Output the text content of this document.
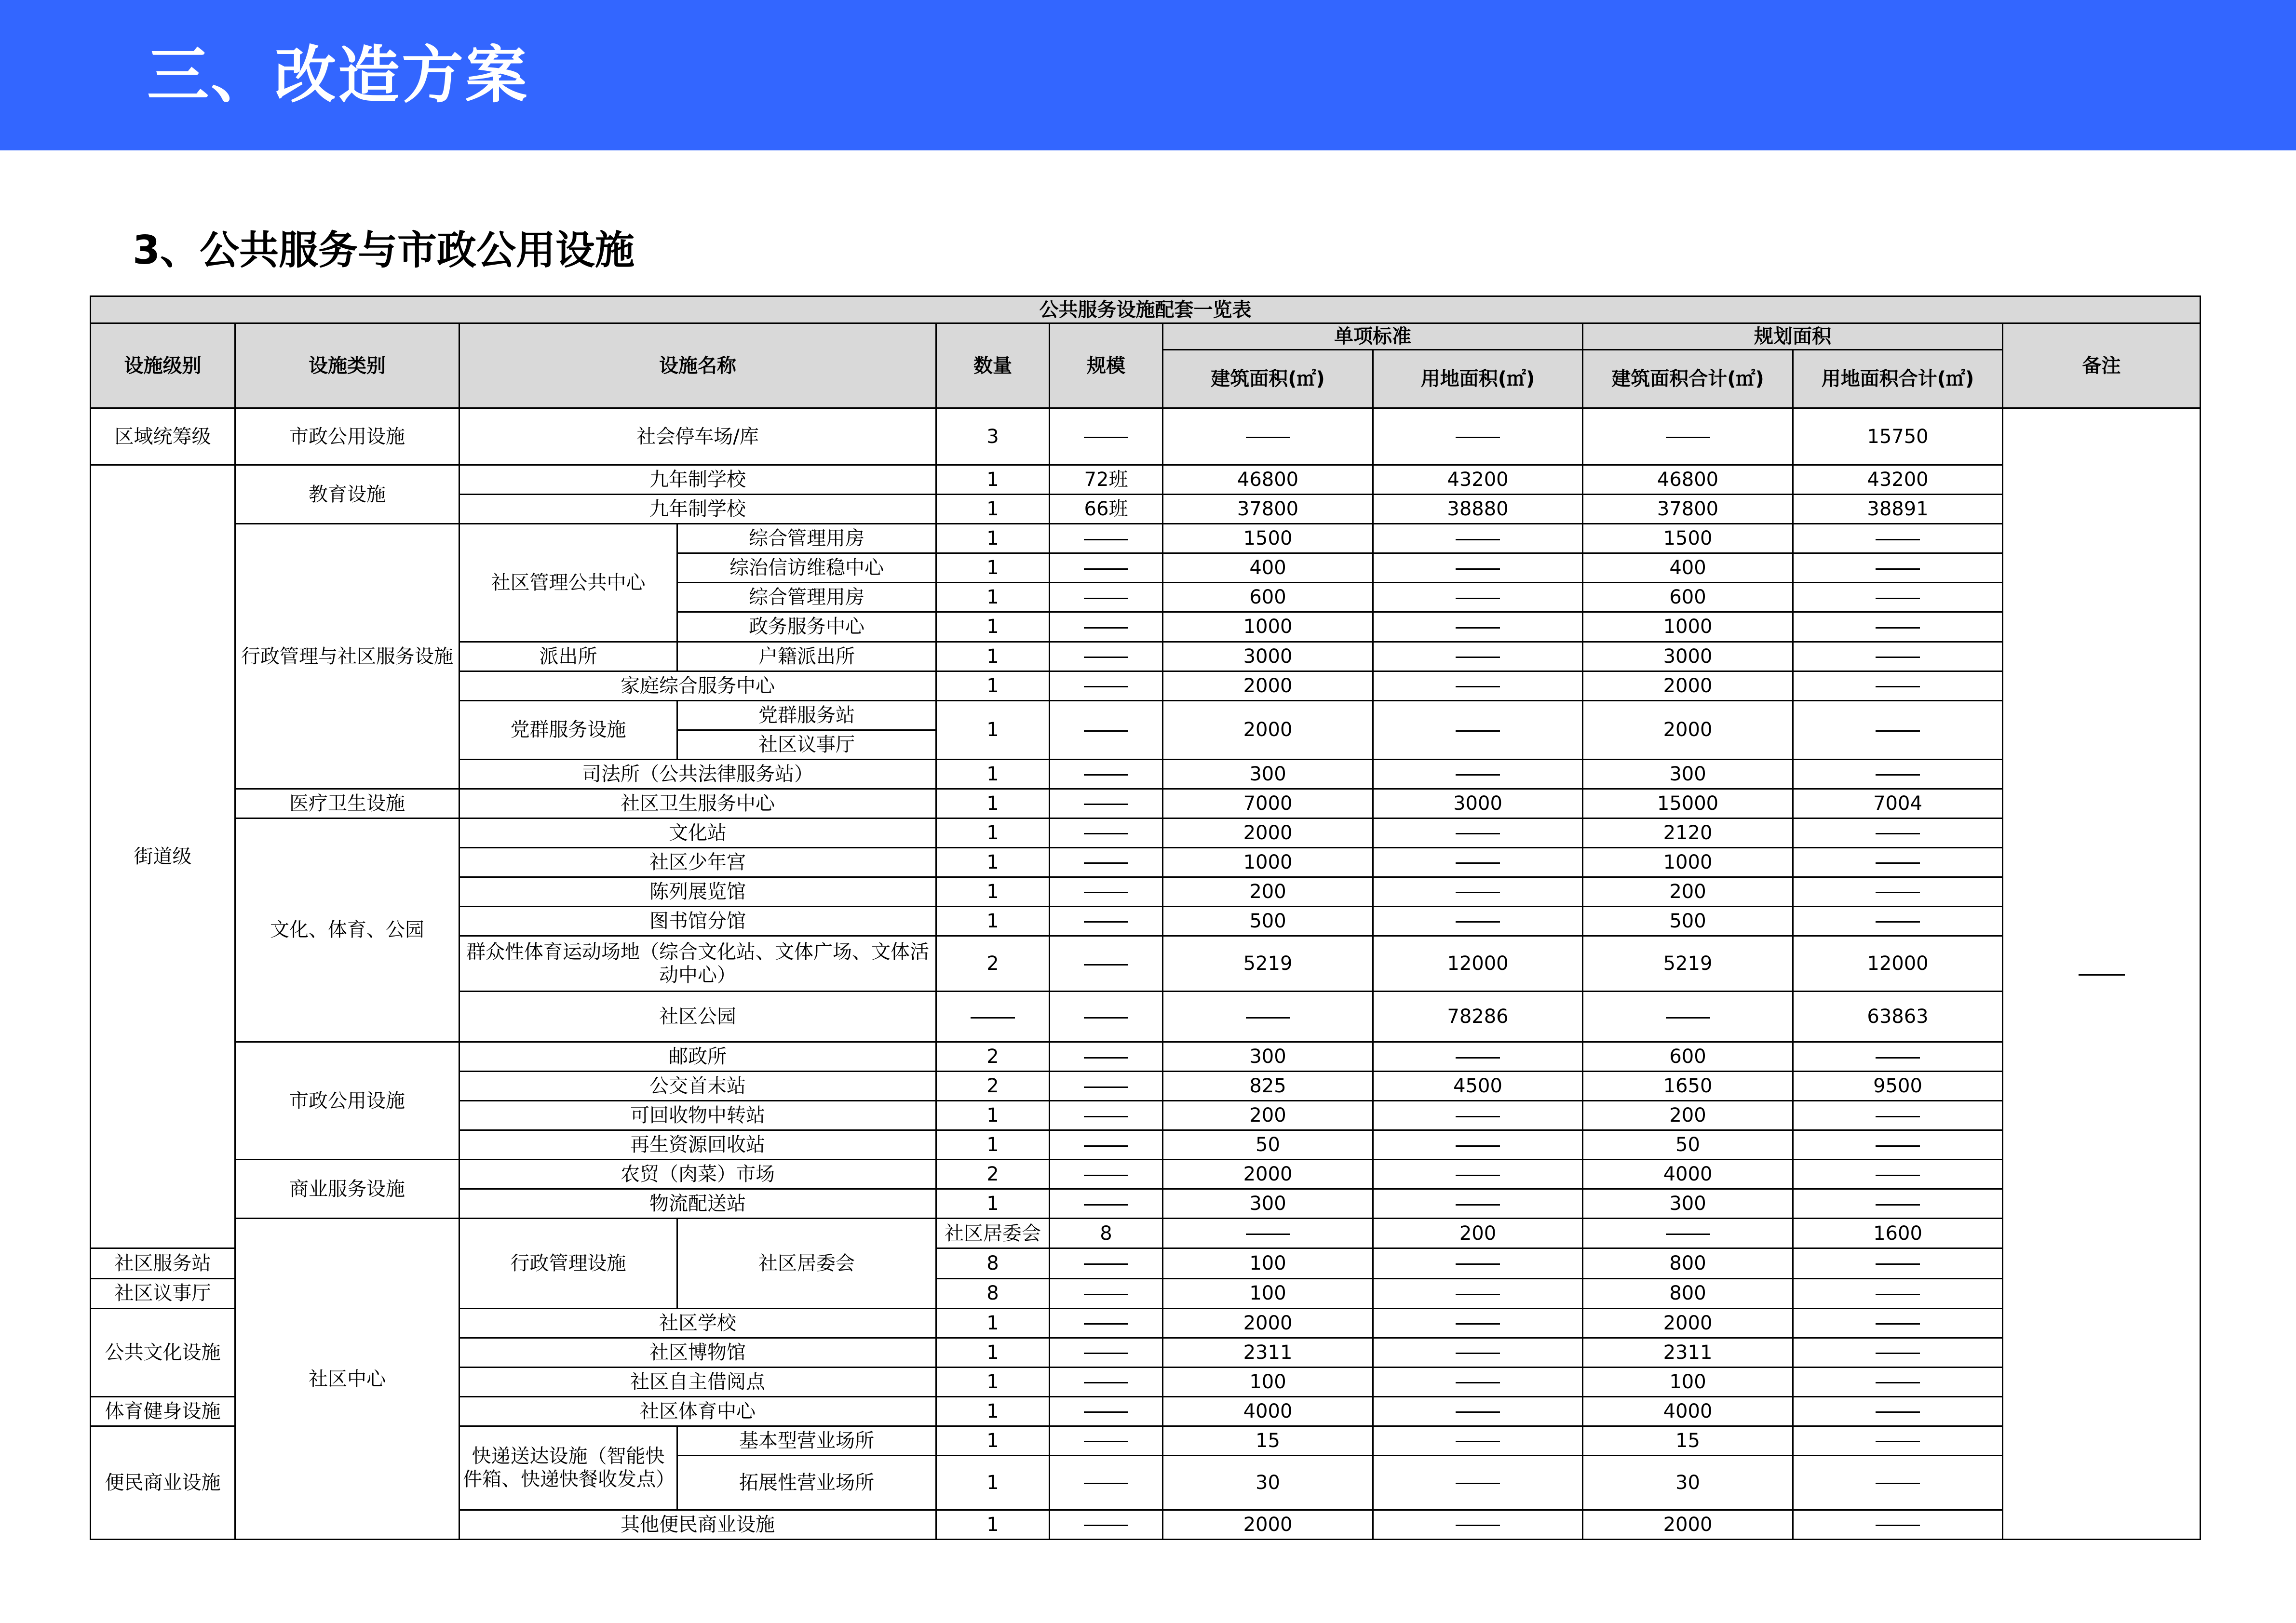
三、改造方案
3、公共服务与市政公用设施
公共服务设施配套一览表											
设施级别	设施类别	设施名称		数量	规模	单项标准		规划面积		备注	
						建筑面积(㎡)	用地面积(㎡)	建筑面积合计(㎡)	用地面积合计(㎡)		
区域统筹级	市政公用设施	社会停车场/库		3					15750		
街道级	教育设施	九年制学校		1	72班	46800	43200	46800	43200		
		九年制学校		1	66班	37800	38880	37800	38891		
	行政管理与社区服务设施	社区管理公共中心	综合管理用房	1		1500		1500			
			综治信访维稳中心	1		400		400			
			综合管理用房	1		600		600			
			政务服务中心	1		1000		1000			
		派出所	户籍派出所	1		3000		3000			
		家庭综合服务中心		1		2000		2000			
		党群服务设施	党群服务站	1		2000		2000			
			社区议事厅								
		司法所（公共法律服务站）		1		300		300			
	医疗卫生设施	社区卫生服务中心		1		7000	3000	15000	7004		
	文化、体育、公园	文化站		1		2000		2120			
		社区少年宫		1		1000		1000			
		陈列展览馆		1		200		200			
		图书馆分馆		1		500		500			
		群众性体育运动场地（综合文化站、文体广场、文体活动中心）		2		5219	12000	5219	12000		
		社区公园					78286		63863		
	市政公用设施	邮政所		2		300		600			
		公交首末站		2		825	4500	1650	9500		
		可回收物中转站		1		200		200			
		再生资源回收站		1		50		50			
	商业服务设施	农贸（肉菜）市场		2		2000		4000			
		物流配送站		1		300		300			
	社区中心	行政管理设施	社区居委会	社区居委会	8		200		1600		
社区服务站				8		100		800			
社区议事厅				8		100		800			
公共文化设施		社区学校		1		2000		2000			
		社区博物馆		1		2311		2311			
		社区自主借阅点		1		100		100			
体育健身设施		社区体育中心		1		4000		4000			
便民商业设施		快递送达设施（智能快件箱、快递快餐收发点）	基本型营业场所	1		15		15			
			拓展性营业场所	1		30		30			
		其他便民商业设施		1		2000		2000			
